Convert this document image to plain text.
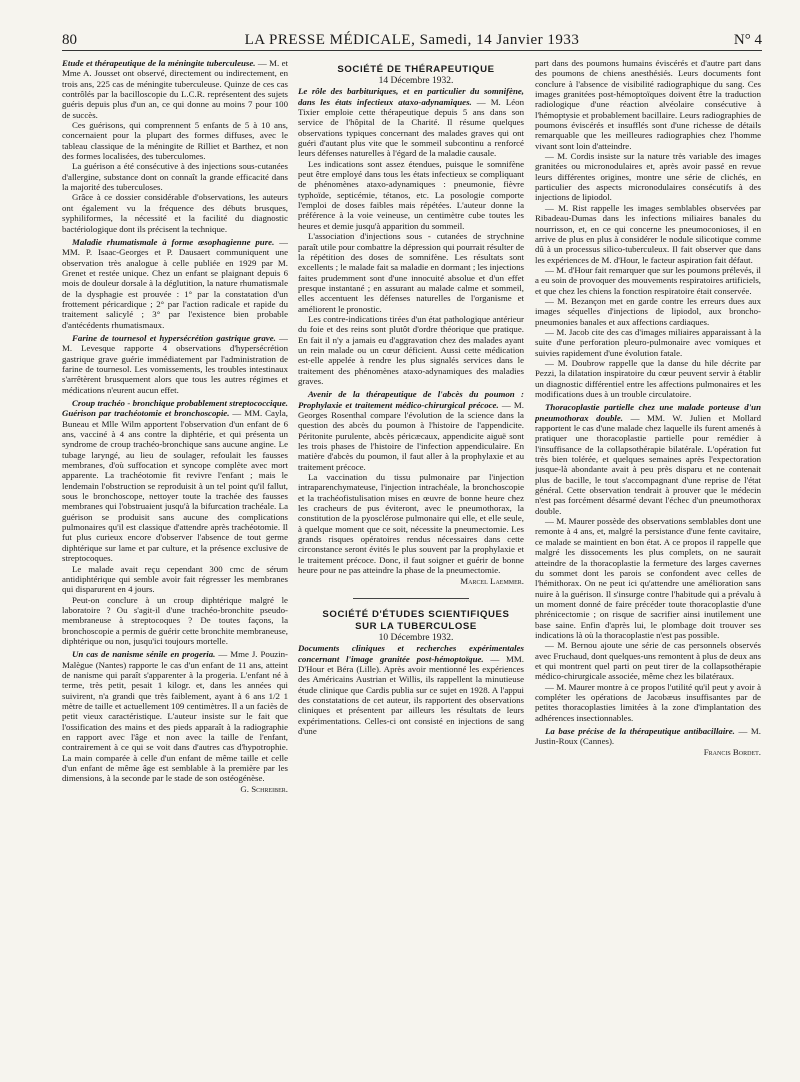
80	LA PRESSE MÉDICALE, Samedi, 14 Janvier 1933	N° 4

Etude et thérapeutique de la méningite tuberculeuse. — M. et Mme A. Jousset ont observé, directement ou indirectement, en trois ans, 225 cas de méningite tuberculeuse. Quinze de ces cas contrôlés par la bacilloscopie du L.C.R. représentent des sujets guéris depuis plus d'un an, ce qui donne au moins 7 pour 100 de succès.

Ces guérisons, qui comprennent 5 enfants de 5 à 10 ans, concernaient pour la plupart des formes diffuses, avec le tableau classique de la méningite de Rilliet et Barthez, et non des formes localisées, des tuberculomes.

La guérison a été consécutive à des injections sous-cutanées d'allergine, substance dont on connaît la grande efficacité dans la majorité des tuberculoses.

Grâce à ce dossier considérable d'observations, les auteurs ont également vu la fréquence des débuts brusques, syphiliformes, la nécessité et la facilité du diagnostic bactériologique dont ils précisent la technique.

Maladie rhumatismale à forme œsophagienne pure. — MM. P. Isaac-Georges et P. Dausaert communiquent une observation très analogue à celle publiée en 1929 par M. Grenet et restée unique. Chez un enfant se plaignant depuis 6 mois de douleur dorsale à la déglutition, la nature rhumatismale de la dysphagie est prouvée : 1° par la constatation d'un frottement péricardique ; 2° par l'action radicale et rapide du traitement salicylé ; 3° par l'existence bien probable d'antécédents rhumatismaux.

Farine de tournesol et hypersécrétion gastrique grave. — M. Levesque rapporte 4 observations d'hypersécrétion gastrique grave guérie immédiatement par l'administration de farine de tournesol. Les vomissements, les troubles intestinaux s'arrêtèrent brusquement alors que tous les autres régimes et médications n'eurent aucun effet.

Croup trachéo - bronchique probablement streptococcique. Guérison par trachéotomie et bronchoscopie. — MM. Cayla, Buneau et Mlle Wilm apportent l'observation d'un enfant de 6 ans, vacciné à 4 ans contre la diphtérie, et qui présenta un syndrome de croup trachéo-bronchique sans aucune angine. Le tubage laryngé, au lieu de soulager, refoulait les fausses membranes, d'où suffocation et syncope complète avec mort apparente. La trachéotomie fit revivre l'enfant ; mais le lendemain l'obstruction se reproduisit à un tel point qu'il fallut, sous le bronchoscope, nettoyer toute la trachée des fausses membranes qui l'obstruaient jusqu'à la bifurcation trachéale. La guérison se produisit sans aucune des complications pulmonaires qu'il est classique d'attendre après trachéotomie. Il fut plus curieux encore d'observer l'absence de tout germe diphtérique sur lame et par culture, et la présence exclusive de streptocoques.

Le malade avait reçu cependant 300 cmc de sérum antidiphtérique qui semble avoir fait régresser les membranes qui disparurent en 4 jours.

Peut-on conclure à un croup diphtérique malgré le laboratoire ? Ou s'agit-il d'une trachéo-bronchite pseudo-membraneuse à streptocoques ? De toutes façons, la bronchoscopie a permis de guérir cette bronchite membraneuse, diphtérique ou non, jusqu'ici toujours mortelle.

Un cas de nanisme sénile en progeria. — Mme J. Pouzin-Malègue (Nantes) rapporte le cas d'un enfant de 11 ans, atteint de nanisme qui paraît s'apparenter à la progeria. L'enfant né à terme, très petit, pesait 1 kilogr. et, dans les années qui suivirent, n'a grandi que très faiblement, ayant à 6 ans 1/2 1 mètre de taille et actuellement 109 centimètres. Il a un faciès de petit vieux caractéristique. L'auteur insiste sur le fait que l'ossification des mains et des pieds apparaît à la radiographie en rapport avec l'âge et non avec la taille de l'enfant, contrairement à ce qui se voit dans d'autres cas d'hypotrophie. La main comparée à celle d'un enfant de même taille et celle d'un enfant de même âge est semblable à la première par les dimensions, à la seconde par le stade de son ostéogénèse.

G. Schreiber.

SOCIÉTÉ DE THÉRAPEUTIQUE

14 Décembre 1932.

Le rôle des barbituriques, et en particulier du somnifène, dans les états infectieux ataxo-adynamiques. — M. Léon Tixier emploie cette thérapeutique depuis 5 ans dans son service de l'hôpital de la Charité. Il résume quelques observations typiques concernant des malades graves qui ont guéri d'autant plus vite que le sommeil subcontinu a renforcé leurs défenses naturelles à l'égard de la maladie causale.

Les indications sont assez étendues, puisque le somnifène peut être employé dans tous les états infectieux se compliquant de phénomènes ataxo-adynamiques : pneumonie, fièvre typhoïde, septicémie, tétanos, etc. La posologie comporte l'emploi de doses faibles mais répétées. L'auteur donne la préférence à la voie veineuse, un centimètre cube toutes les heures et demie jusqu'à apparition du sommeil.

L'association d'injections sous - cutanées de strychnine paraît utile pour combattre la dépression qui pourrait résulter de la répétition des doses de somnifène. Les résultats sont excellents ; le malade fait sa maladie en dormant ; les injections faites prudemment sont d'une innocuité absolue et d'un effet presque instantané ; en assurant au malade calme et sommeil, elles accentuent les défenses naturelles de l'organisme et améliorent le pronostic.

Les contre-indications tirées d'un état pathologique antérieur du foie et des reins sont plutôt d'ordre théorique que pratique. En fait il n'y a jamais eu d'aggravation chez des malades ayant un rein malade ou un cœur déficient. Aussi cette médication est-elle appelée à rendre les plus signalés services dans le traitement des phénomènes ataxo-adynamiques des maladies graves.

Avenir de la thérapeutique de l'abcès du poumon : Prophylaxie et traitement médico-chirurgical précoce. — M. Georges Rosenthal compare l'évolution de la science dans la question des abcès du poumon à l'histoire de l'appendicite. Péritonite purulente, abcès péricæcaux, appendicite aiguë sont les trois phases de l'histoire de l'infection appendiculaire. En matière d'abcès du poumon, il faut aller à la prophylaxie et au traitement précoce.

La vaccination du tissu pulmonaire par l'injection intraparenchymateuse, l'injection intrachéale, la bronchoscopie et la trachéofistulisation mises en œuvre de bonne heure chez les cracheurs de pus éviteront, avec le pneumothorax, la constitution de la pyosclérose pulmonaire qui elle, et elle seule, à quelque moment que ce soit, nécessite la pneumectomie. Les grands risques opératoires rendus nécessaires dans cette circonstance seront évités le plus souvent par la prophylaxie et le traitement précoce. Donc, il faut soigner et guérir de bonne heure pour ne pas atteindre la phase de la pneumectomie.

Marcel Laemmer.

SOCIÉTÉ D'ÉTUDES SCIENTIFIQUES

SUR LA TUBERCULOSE

10 Décembre 1932.

Documents cliniques et recherches expérimentales concernant l'image granitée post-hémoptoïque. — MM. D'Hour et Béra (Lille). Après avoir mentionné les expériences des Américains Austrian et Willis, ils rappellent la minutieuse étude clinique que Cardis publia sur ce sujet en 1928. A l'appui des constatations de cet auteur, ils rapportent des observations cliniques et présentent par ailleurs les résultats de leurs expérimentations. Celles-ci ont consisté en injections de sang d'une

part dans des poumons humains éviscérés et d'autre part dans des poumons de chiens anesthésiés. Leurs documents font conclure à l'absence de visibilité radiographique du sang. Ces images granitées post-hémoptoïques doivent être la traduction radiologique d'une réaction alvéolaire consécutive à l'hémoptysie et probablement bacillaire. Leurs radiographies de poumons éviscérés et insufflés sont d'une richesse de détails remarquable que les meilleures radiographies chez l'homme vivant sont loin d'atteindre.

— M. Cordis insiste sur la nature très variable des images granitées ou micronodulaires et, après avoir passé en revue leurs différentes origines, montre une série de clichés, en particulier des aspects micronodulaires consécutifs à des injections de lipiodol.

— M. Rist rappelle les images semblables observées par Ribadeau-Dumas dans les infections miliaires banales du nourrisson, et, en ce qui concerne les pneumoconioses, il en arrive de plus en plus à considérer le nodule silicotique comme dû à un processus silico-tuberculeux. Il fait observer que dans les expériences de M. d'Hour, le facteur aspiration fait défaut.

— M. d'Hour fait remarquer que sur les poumons prélevés, il a eu soin de provoquer des mouvements respiratoires artificiels, et que chez les chiens la fonction respiratoire était conservée.

— M. Bezançon met en garde contre les erreurs dues aux images séquelles d'injections de lipiodol, aux broncho-pneumonies banales et aux affections cardiaques.

— M. Jacob cite des cas d'images miliaires apparaissant à la suite d'une perforation pleuro-pulmonaire avec vomiques et suivies rapidement d'une évolution fatale.

— M. Doubrow rappelle que la danse du hile décrite par Pezzi, la dilatation inspiratoire du cœur peuvent servir à établir un diagnostic différentiel entre les affections pulmonaires et les modifications dues à un trouble circulatoire.

Thoracoplastie partielle chez une malade porteuse d'un pneumothorax double. — MM. W. Julien et Mollard rapportent le cas d'une malade chez laquelle ils furent amenés à pratiquer une thoracoplastie partielle pour remédier à l'insuffisance de la collapsothérapie bilatérale. L'opération fut très bien tolérée, et quelques semaines après l'expectoration jusque-là abondante avait à peu près disparu et ne contenait plus de bacille, le tout s'accompagnant d'une reprise de l'état général. Cette observation tendrait à prouver que le médecin n'est pas forcément désarmé devant l'échec d'un pneumothorax double.

— M. Maurer possède des observations semblables dont une remonte à 4 ans, et, malgré la persistance d'une fente cavitaire, ce malade se maintient en bon état. A ce propos il rappelle que malgré les dissocements les plus complets, on ne saurait atteindre de la thoracoplastie la fermeture des larges cavernes du sommet dont les parois se confondent avec celles de l'hémithorax. On ne peut ici qu'attendre une amélioration sans nuire à la guérison. Il s'insurge contre l'habitude qui a prévalu à un moment donné de faire précéder toute thoracoplastie d'une phrénicectomie ; on risque de sacrifier ainsi inutilement une base saine. Enfin d'après lui, le plombage doit trouver ses indications là où la thoracoplastie n'est pas possible.

— M. Bernou ajoute une série de cas personnels observés avec Fruchaud, dont quelques-uns remontent à plus de deux ans et qui montrent quel parti on peut tirer de la collapsothérapie médico-chirurgicale associée, même chez les bilatéraux.

— M. Maurer montre à ce propos l'utilité qu'il peut y avoir à compléter les opérations de Jacobæus insuffisantes par de petites thoracoplasties limitées à la zone d'implantation des adhérences insectionnables.

La base précise de la thérapeutique antibacillaire. — M. Justin-Roux (Cannes).

Francis Bordet.
